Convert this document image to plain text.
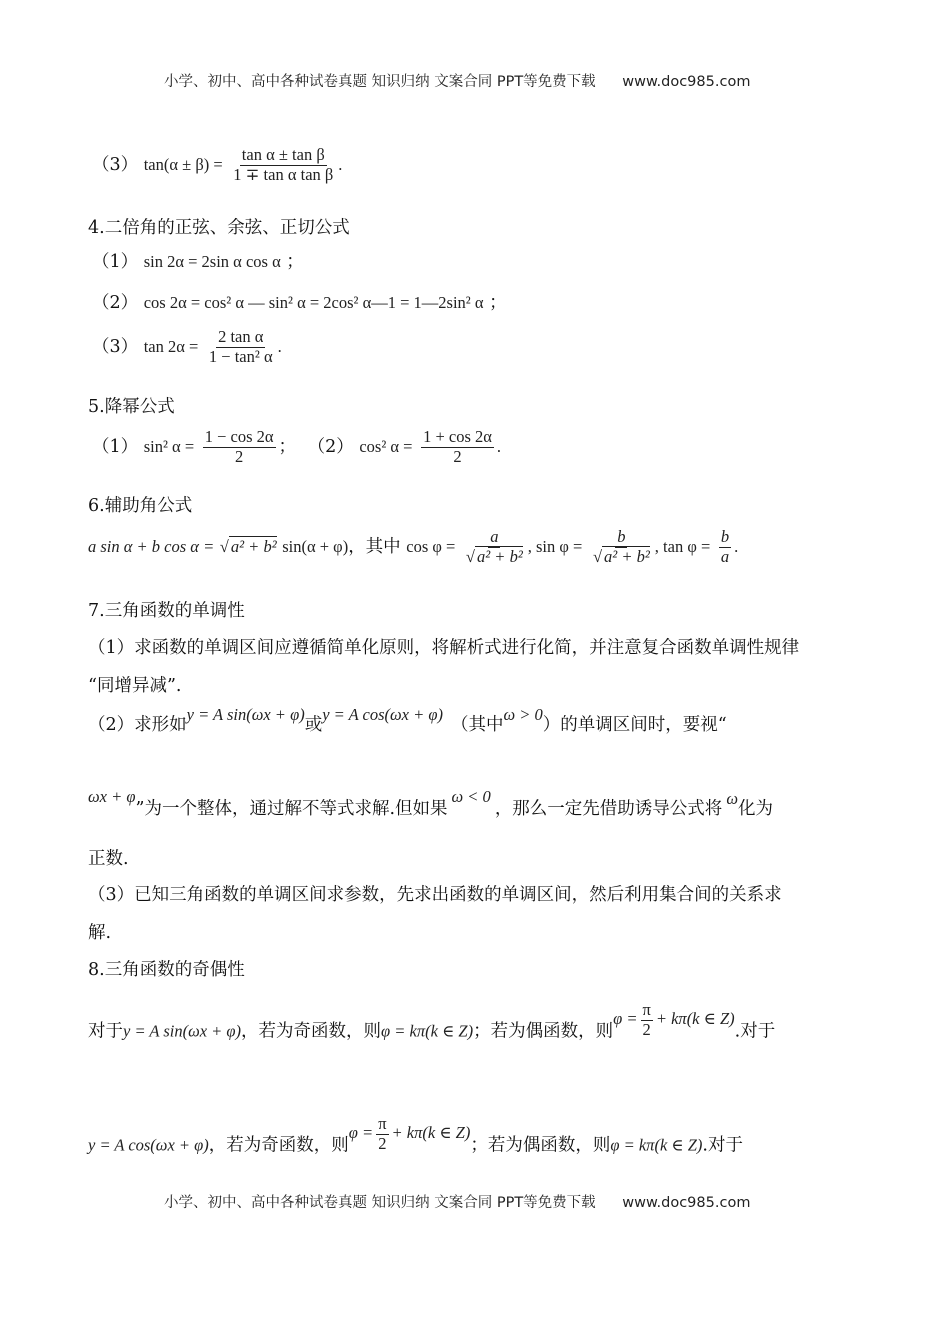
小学、初中、高中各种试卷真题 知识归纳 文案合同 PPT等免费下载 www.doc985.com
（3） $\tan(\alpha \pm \beta) = \frac{\text{tan α ± tan β}}{\text{1 ∓ tan α tan β}}$ .
4.二倍角的正弦、余弦、正切公式
（1） sin 2α = 2sin α cos α ；
（2） cos 2α = cos² α — sin² α = 2cos² α—1 = 1—2sin² α ；
（3） $\tan 2\alpha = \frac{\text{2 tan α}}{\text{1 − tan² α}}$ .
5.降幂公式
（1） sin² $\alpha = \frac{1 - \cos 2\alpha}{2}$ ； （2） cos² $\alpha = \frac{1 + \cos 2\alpha}{2}$ .
6.辅助角公式
a sin α + b cos α = √ a² + b² sin(α + φ)，其中 $\cos \varphi = \frac{a}{\text{√ a² + b²}}$ , $\sin \varphi = \frac{b}{\text{√ a² + b²}}$ , $\tan \varphi = \frac{b}{a}$ .
7.三角函数的单调性
（1）求函数的单调区间应遵循简单化原则，将解析式进行化简，并注意复合函数单调性规律
“同增异减”.
（2）求形如y = A sin(ωx + φ)或y = A cos(ωx + φ)（其中ω > 0）的单调区间时，要视“
ωx + φ”为一个整体，通过解不等式求解.但如果ω < 0，那么一定先借助诱导公式将ω化为
正数.
（3）已知三角函数的单调区间求参数，先求出函数的单调区间，然后利用集合间的关系求
解.
8.三角函数的奇偶性
对于y = A sin(ωx + φ)，若为奇函数，则φ = kπ(k ∈ Z)；若为偶函数，则$\varphi = \frac{\pi}{2} + k\pi(k$ ∈ Z).对于
y = A cos(ωx + φ)，若为奇函数，则$\varphi = \frac{\pi}{2} + k\pi(k$ ∈ Z)；若为偶函数，则φ = kπ(k ∈ Z).对于
小学、初中、高中各种试卷真题 知识归纳 文案合同 PPT等免费下载 www.doc985.com
